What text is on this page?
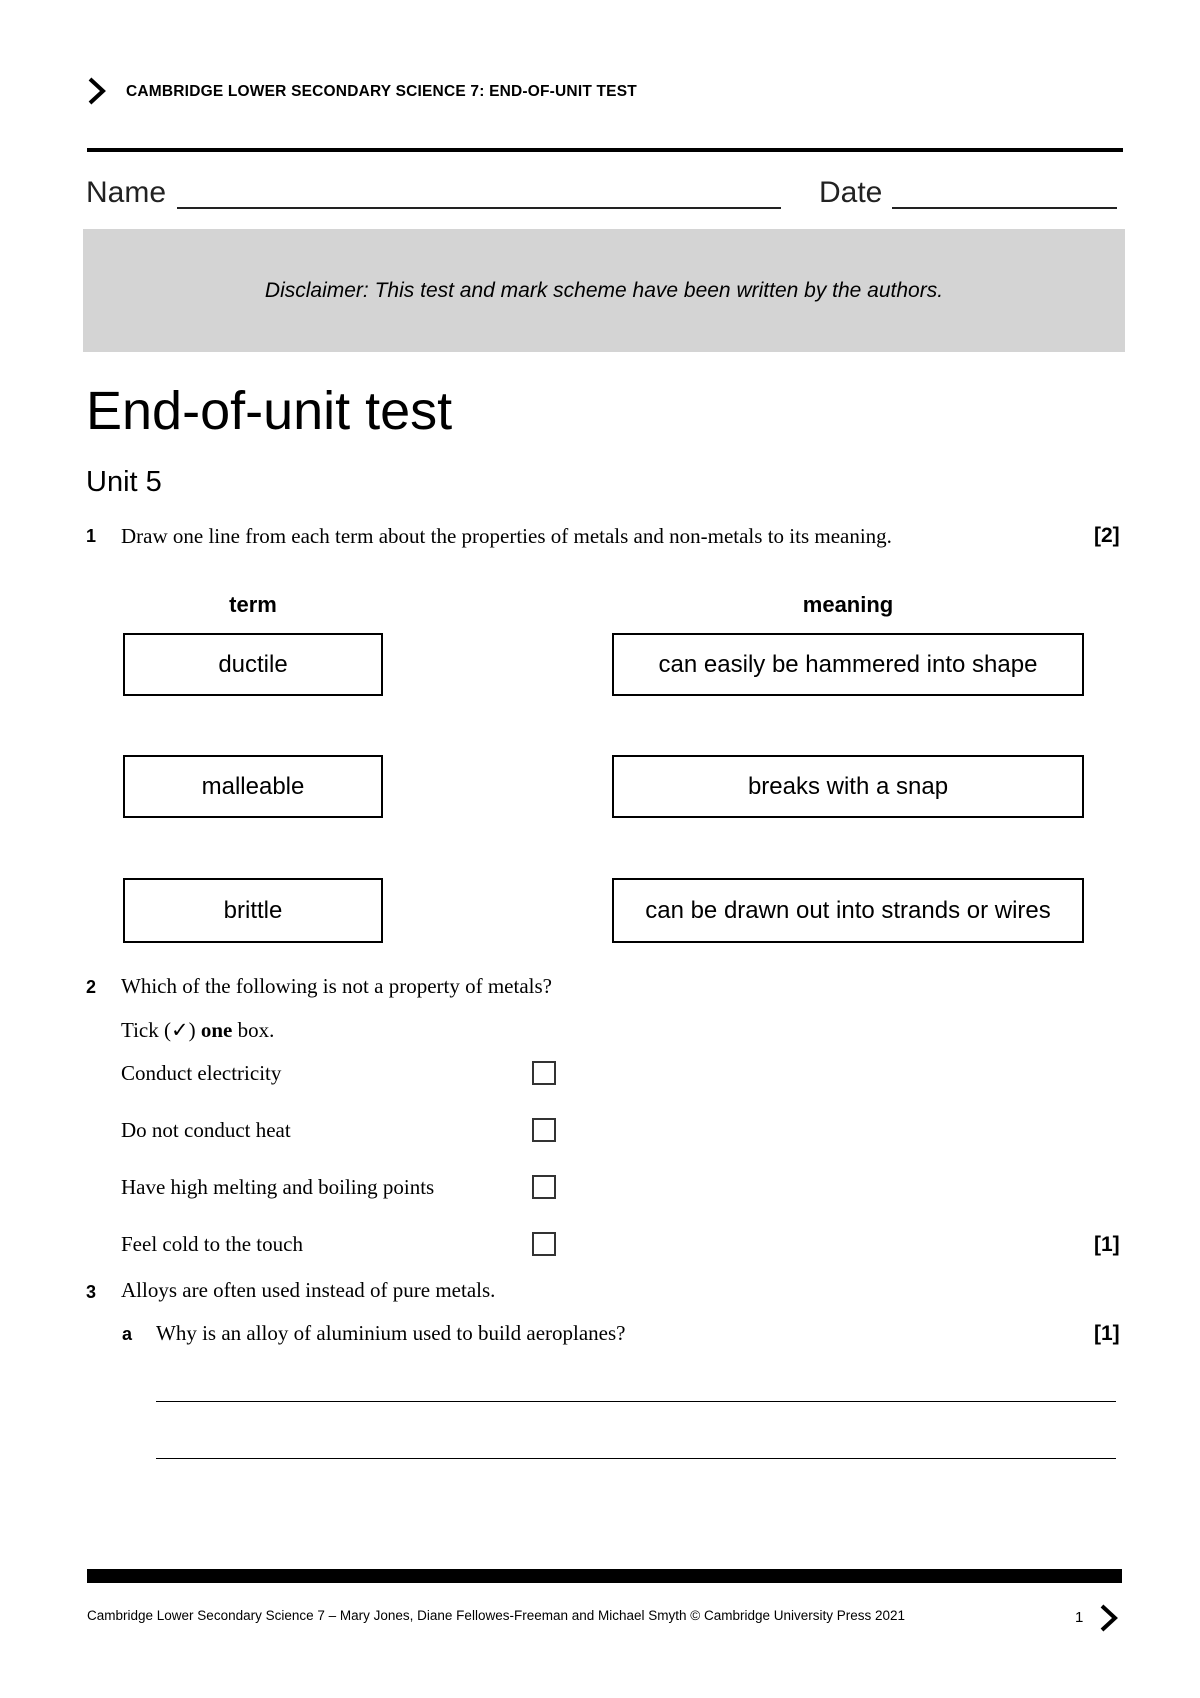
CAMBRIDGE LOWER SECONDARY SCIENCE 7: END-OF-UNIT TEST
Name	Date
Disclaimer: This test and mark scheme have been written by the authors.
End-of-unit test
Unit 5
1 Draw one line from each term about the properties of metals and non-metals to its meaning.	[2]
term	meaning
ductile
malleable
brittle
can easily be hammered into shape
breaks with a snap
can be drawn out into strands or wires
2 Which of the following is not a property of metals?
Tick (✓) one box.
Conduct electricity
Do not conduct heat
Have high melting and boiling points
Feel cold to the touch	[1]
3 Alloys are often used instead of pure metals.
a Why is an alloy of aluminium used to build aeroplanes?	[1]
Cambridge Lower Secondary Science 7 – Mary Jones, Diane Fellowes-Freeman and Michael Smyth © Cambridge University Press 2021	1
